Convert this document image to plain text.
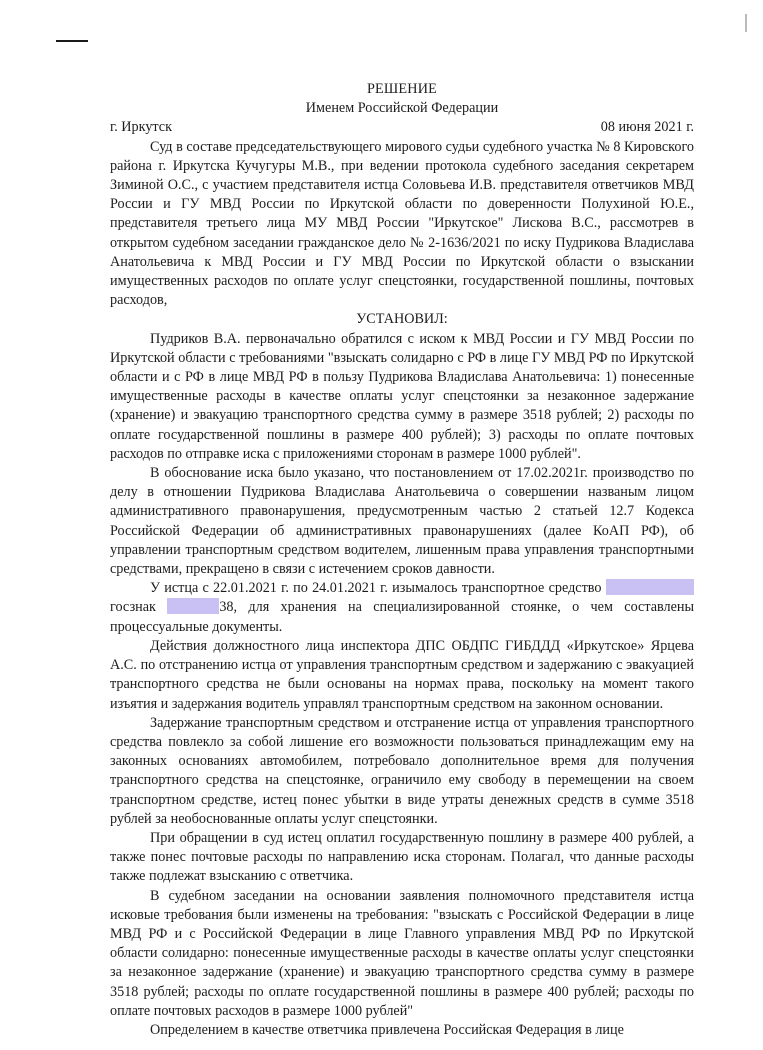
РЕШЕНИЕ
Именем Российской Федерации
г. Иркутск	08 июня 2021 г.

Суд в составе председательствующего мирового судьи судебного участка № 8 Кировского района г. Иркутска Кучугуры М.В., при ведении протокола судебного заседания секретарем Зиминой О.С., с участием представителя истца Соловьева И.В. представителя ответчиков МВД России и ГУ МВД России по Иркутской области по доверенности Полухиной Ю.Е., представителя третьего лица МУ МВД России "Иркутское" Лискова В.С., рассмотрев в открытом судебном заседании гражданское дело № 2-1636/2021 по иску Пудрикова Владислава Анатольевича к МВД России и ГУ МВД России по Иркутской области о взыскании имущественных расходов по оплате услуг спецстоянки, государственной пошлины, почтовых расходов,

УСТАНОВИЛ:

Пудриков В.А. первоначально обратился с иском к МВД России и ГУ МВД России по Иркутской области с требованиями "взыскать солидарно с РФ в лице ГУ МВД РФ по Иркутской области и с РФ в лице МВД РФ в пользу Пудрикова Владислава Анатольевича: 1) понесенные имущественные расходы в качестве оплаты услуг спецстоянки за незаконное задержание (хранение) и эвакуацию транспортного средства сумму в размере 3518 рублей; 2) расходы по оплате государственной пошлины в размере 400 рублей); 3) расходы по оплате почтовых расходов по отправке иска с приложениями сторонам в размере 1000 рублей".

В обоснование иска было указано, что постановлением от 17.02.2021г. производство по делу в отношении Пудрикова Владислава Анатольевича о совершении названым лицом административного правонарушения, предусмотренным частью 2 статьей 12.7 Кодекса Российской Федерации об административных правонарушениях (далее КоАП РФ), об управлении транспортным средством водителем, лишенным права управления транспортными средствами, прекращено в связи с истечением сроков давности.

У истца с 22.01.2021 г. по 24.01.2021 г. изымалось транспортное средство   госзнак	38, для хранения на специализированной стоянке, о чем составлены процессуальные документы.

Действия должностного лица инспектора ДПС ОБДПС ГИБДДД «Иркутское» Ярцева А.С. по отстранению истца от управления транспортным средством и задержанию с эвакуацией транспортного средства не были основаны на нормах права, поскольку на момент такого изъятия и задержания водитель управлял транспортным средством на законном основании.

Задержание транспортным средством и отстранение истца от управления транспортного средства повлекло за собой лишение его возможности пользоваться принадлежащим ему на законных основаниях автомобилем, потребовало дополнительное время для получения транспортного средства на спецстоянке, ограничило ему свободу в перемещении на своем транспортном средстве, истец понес убытки в виде утраты денежных средств в сумме 3518 рублей за необоснованные оплаты услуг спецстоянки.

При обращении в суд истец оплатил государственную пошлину в размере 400 рублей, а также понес почтовые расходы по направлению иска сторонам. Полагал, что данные расходы также подлежат взысканию с ответчика.

В судебном заседании на основании заявления полномочного представителя истца исковые требования были изменены на требования: "взыскать с Российской Федерации в лице МВД РФ и с Российской Федерации в лице Главного управления МВД РФ по Иркутской области солидарно: понесенные имущественные расходы в качестве оплаты услуг спецстоянки за незаконное задержание (хранение) и эвакуацию транспортного средства сумму в размере 3518 рублей; расходы по оплате государственной пошлины в размере 400 рублей; расходы по оплате почтовых расходов в размере 1000 рублей"

Определением в качестве ответчика привлечена Российская Федерация в лице
